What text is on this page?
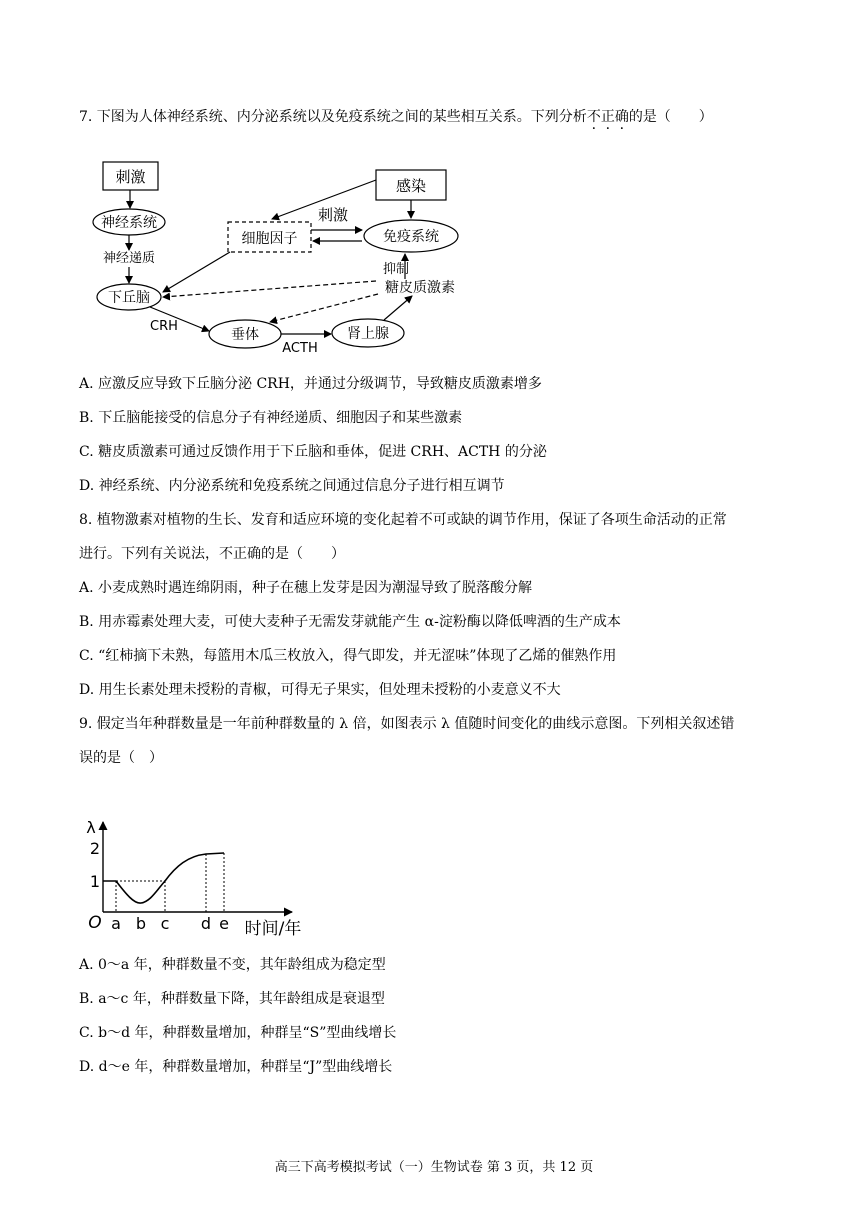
7. 下图为人体神经系统、内分泌系统以及免疫系统之间的某些相互关系。下列分析不正确的是（　　）
刺激
神经系统
神经递质
下丘脑
细胞因子
感染
免疫系统
刺激
抑制
糖皮质激素
CRH
垂体
ACTH
肾上腺
A. 应激反应导致下丘脑分泌 CRH，并通过分级调节，导致糖皮质激素增多
B. 下丘脑能接受的信息分子有神经递质、细胞因子和某些激素
C. 糖皮质激素可通过反馈作用于下丘脑和垂体，促进 CRH、ACTH 的分泌
D. 神经系统、内分泌系统和免疫系统之间通过信息分子进行相互调节
8. 植物激素对植物的生长、发育和适应环境的变化起着不可或缺的调节作用，保证了各项生命活动的正常
进行。下列有关说法，不正确的是（　　）
A. 小麦成熟时遇连绵阴雨，种子在穗上发芽是因为潮湿导致了脱落酸分解
B. 用赤霉素处理大麦，可使大麦种子无需发芽就能产生 α-淀粉酶以降低啤酒的生产成本
C. “红柿摘下未熟，每篮用木瓜三枚放入，得气即发，并无涩味”体现了乙烯的催熟作用
D. 用生长素处理未授粉的青椒，可得无子果实，但处理未授粉的小麦意义不大
9. 假定当年种群数量是一年前种群数量的 λ 倍，如图表示 λ 值随时间变化的曲线示意图。下列相关叙述错
误的是（　）
λ
2
1
O a b c d e 时间/年
A. 0～a 年，种群数量不变，其年龄组成为稳定型
B. a～c 年，种群数量下降，其年龄组成是衰退型
C. b～d 年，种群数量增加，种群呈“S”型曲线增长
D. d～e 年，种群数量增加，种群呈“J”型曲线增长
高三下高考模拟考试（一）生物试卷 第 3 页，共 12 页
